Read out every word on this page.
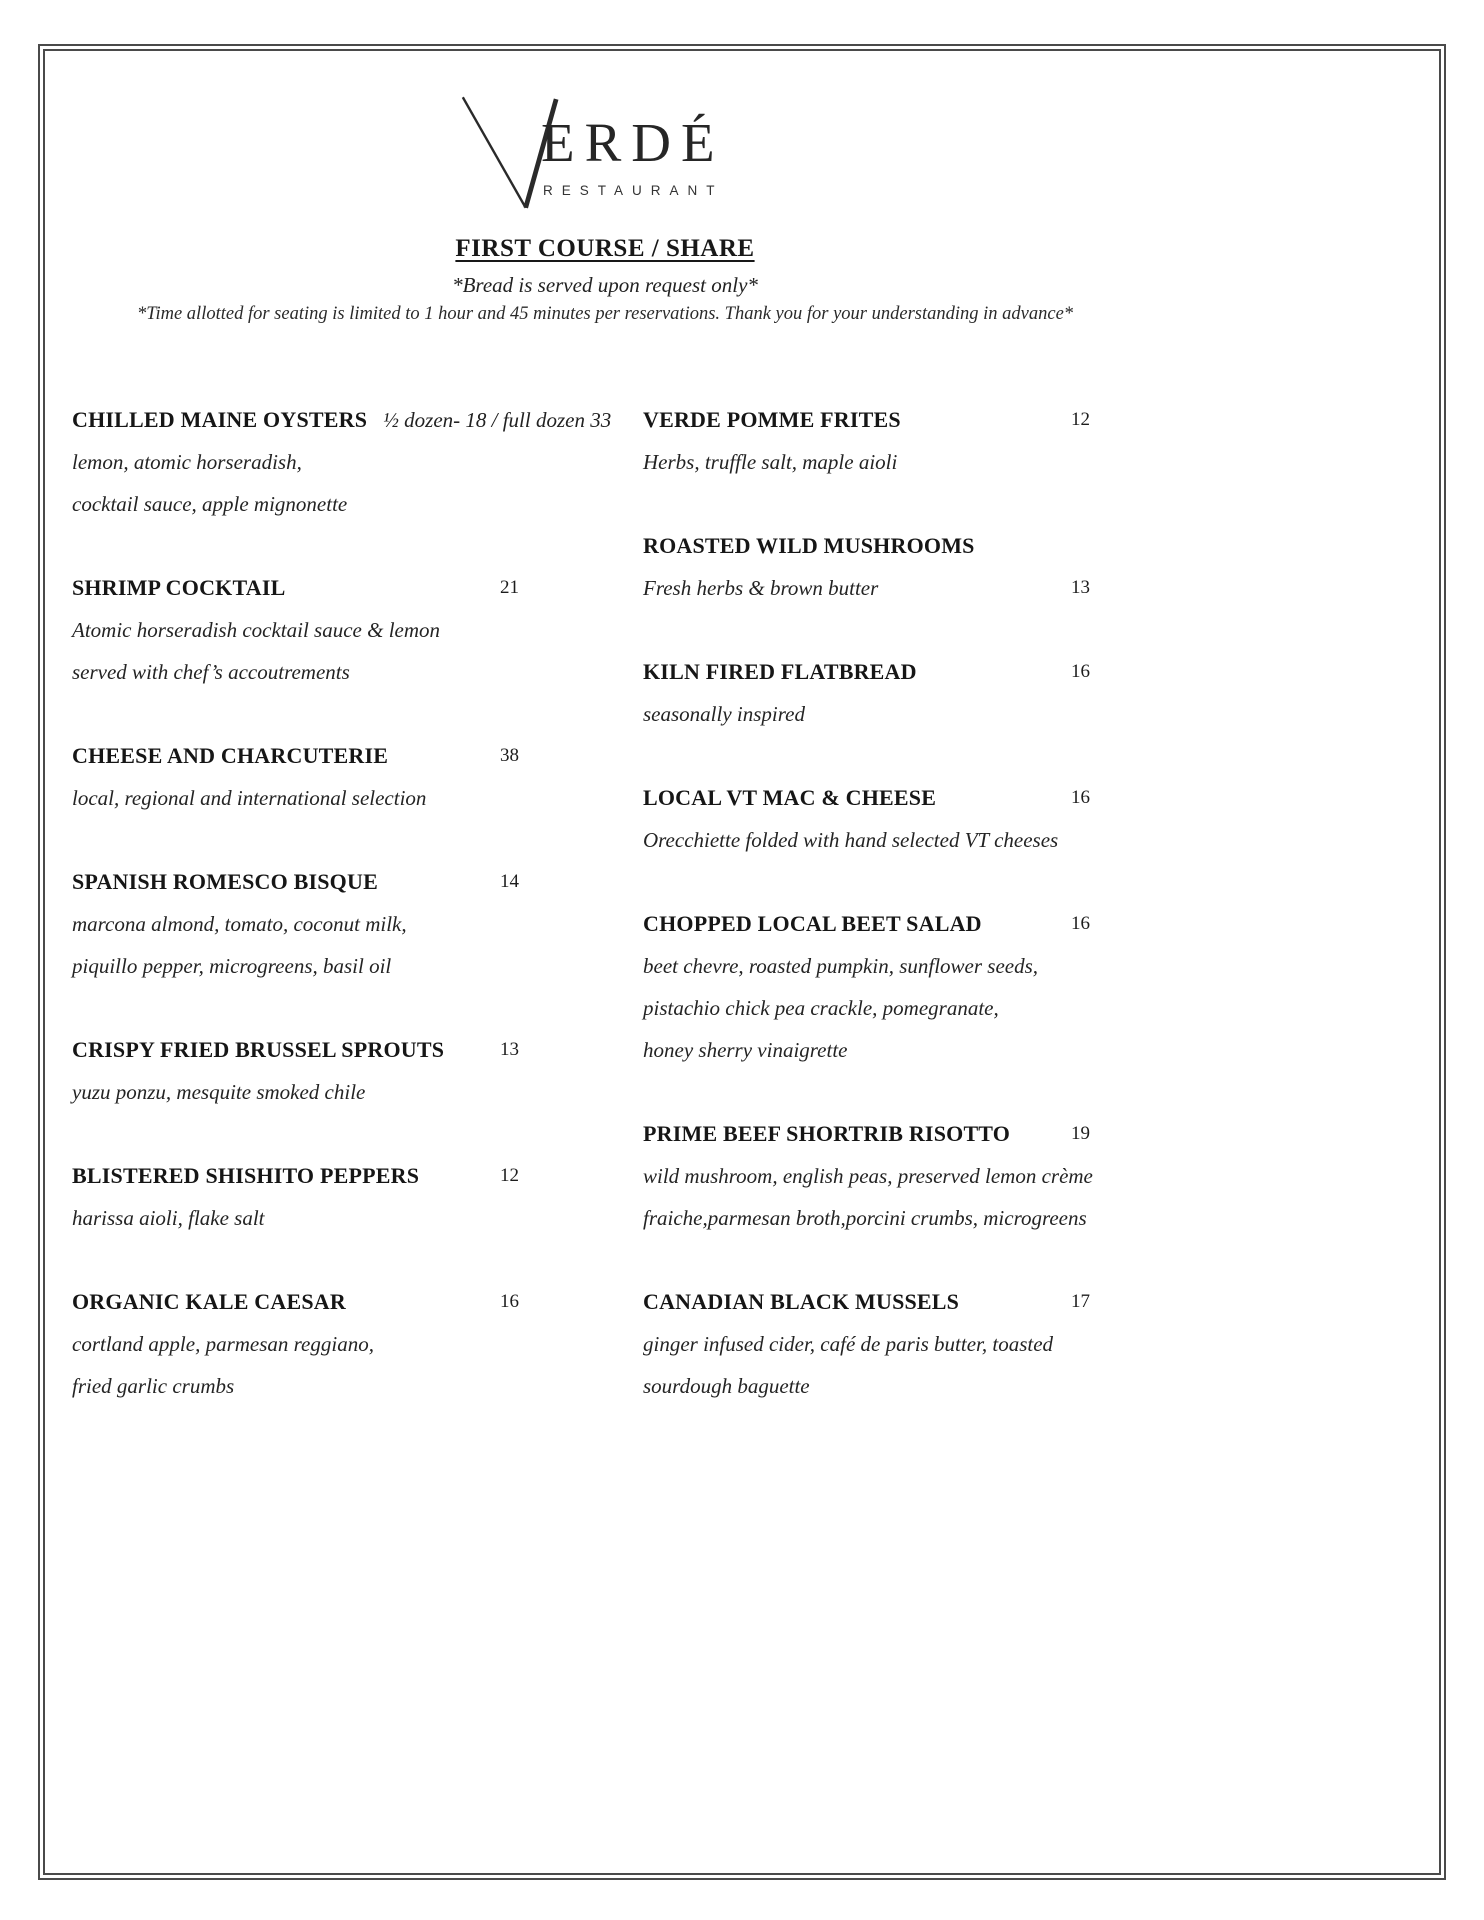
ERDÉ
RESTAURANT
FIRST COURSE / SHARE
*Bread is served upon request only*
*Time allotted for seating is limited to 1 hour and 45 minutes per reservations. Thank you for your understanding in advance*
CHILLED MAINE OYSTERS ½ dozen- 18 / full dozen 33
lemon, atomic horseradish,
cocktail sauce, apple mignonette
SHRIMP COCKTAIL	21
Atomic horseradish cocktail sauce & lemon
served with chef’s accoutrements
CHEESE AND CHARCUTERIE	38
local, regional and international selection
SPANISH ROMESCO BISQUE	14
marcona almond, tomato, coconut milk,
piquillo pepper, microgreens, basil oil
CRISPY FRIED BRUSSEL SPROUTS	13
yuzu ponzu, mesquite smoked chile
BLISTERED SHISHITO PEPPERS	12
harissa aioli, flake salt
ORGANIC KALE CAESAR	16
cortland apple, parmesan reggiano,
fried garlic crumbs
VERDE POMME FRITES	12
Herbs, truffle salt, maple aioli
ROASTED WILD MUSHROOMS
Fresh herbs & brown butter	13
KILN FIRED FLATBREAD	16
seasonally inspired
LOCAL VT MAC & CHEESE	16
Orecchiette folded with hand selected VT cheeses
CHOPPED LOCAL BEET SALAD	16
beet chevre, roasted pumpkin, sunflower seeds,
pistachio chick pea crackle, pomegranate,
honey sherry vinaigrette
PRIME BEEF SHORTRIB RISOTTO	19
wild mushroom, english peas, preserved lemon crème
fraiche,parmesan broth,porcini crumbs, microgreens
CANADIAN BLACK MUSSELS	17
ginger infused cider, café de paris butter, toasted
sourdough baguette
